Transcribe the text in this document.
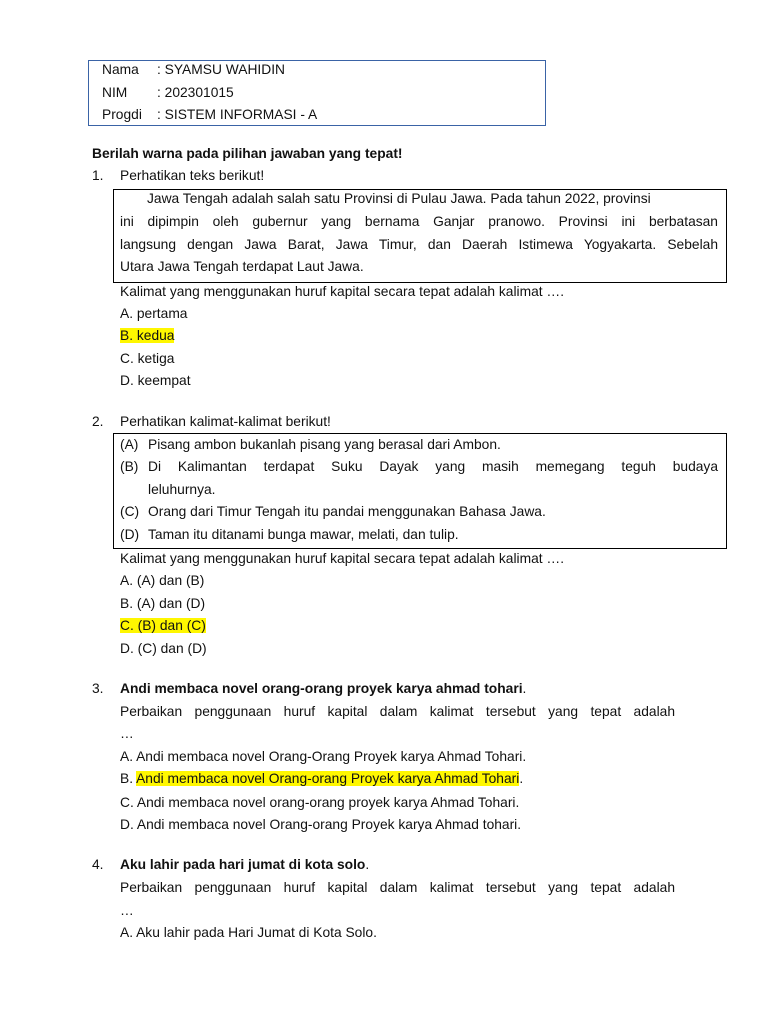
Nama : SYAMSU WAHIDIN
NIM : 202301015
Progdi : SISTEM INFORMASI - A
Berilah warna pada pilihan jawaban yang tepat!
1. Perhatikan teks berikut!
Jawa Tengah adalah salah satu Provinsi di Pulau Jawa. Pada tahun 2022, provinsi
ini dipimpin oleh gubernur yang bernama Ganjar pranowo. Provinsi ini berbatasan
langsung dengan Jawa Barat, Jawa Timur, dan Daerah Istimewa Yogyakarta. Sebelah
Utara Jawa Tengah terdapat Laut Jawa.
Kalimat yang menggunakan huruf kapital secara tepat adalah kalimat ….
A. pertama
B. kedua
C. ketiga
D. keempat
2. Perhatikan kalimat-kalimat berikut!
(A) Pisang ambon bukanlah pisang yang berasal dari Ambon.
(B) Di Kalimantan terdapat Suku Dayak yang masih memegang teguh budaya
leluhurnya.
(C) Orang dari Timur Tengah itu pandai menggunakan Bahasa Jawa.
(D) Taman itu ditanami bunga mawar, melati, dan tulip.
Kalimat yang menggunakan huruf kapital secara tepat adalah kalimat ….
A. (A) dan (B)
B. (A) dan (D)
C. (B) dan (C)
D. (C) dan (D)
3. Andi membaca novel orang-orang proyek karya ahmad tohari.
Perbaikan penggunaan huruf kapital dalam kalimat tersebut yang tepat adalah
…
A. Andi membaca novel Orang-Orang Proyek karya Ahmad Tohari.
B. Andi membaca novel Orang-orang Proyek karya Ahmad Tohari.
C. Andi membaca novel orang-orang proyek karya Ahmad Tohari.
D. Andi membaca novel Orang-orang Proyek karya Ahmad tohari.
4. Aku lahir pada hari jumat di kota solo.
Perbaikan penggunaan huruf kapital dalam kalimat tersebut yang tepat adalah
…
A. Aku lahir pada Hari Jumat di Kota Solo.
